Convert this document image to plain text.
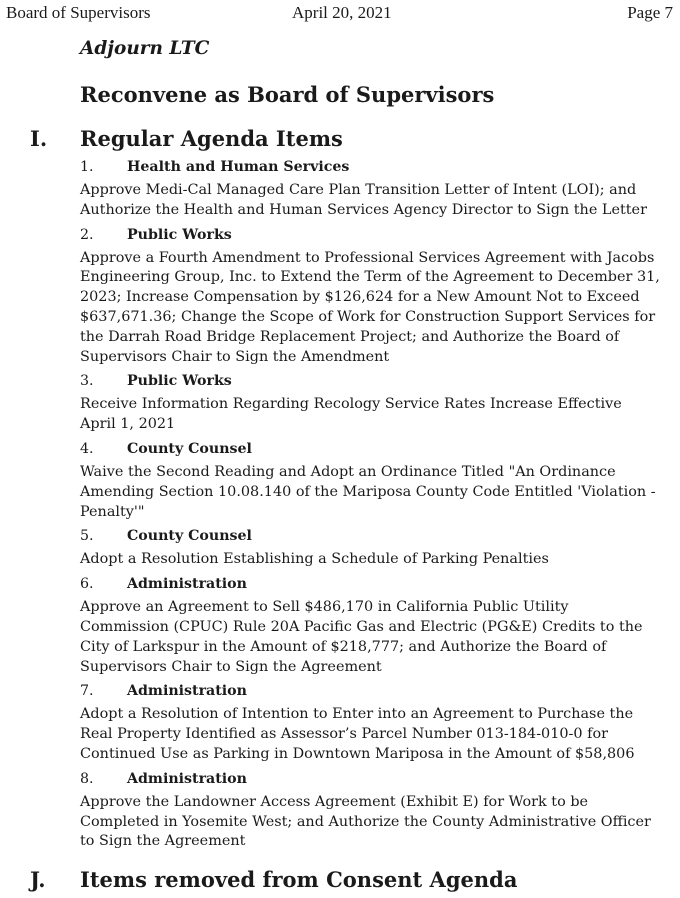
Board of Supervisors	April 20, 2021	Page 7
Adjourn LTC
Reconvene as Board of Supervisors
I. Regular Agenda Items
1. Health and Human Services
Approve Medi-Cal Managed Care Plan Transition Letter of Intent (LOI); and Authorize the Health and Human Services Agency Director to Sign the Letter
2. Public Works
Approve a Fourth Amendment to Professional Services Agreement with Jacobs Engineering Group, Inc. to Extend the Term of the Agreement to December 31, 2023; Increase Compensation by $126,624 for a New Amount Not to Exceed $637,671.36; Change the Scope of Work for Construction Support Services for the Darrah Road Bridge Replacement Project; and Authorize the Board of Supervisors Chair to Sign the Amendment
3. Public Works
Receive Information Regarding Recology Service Rates Increase Effective April 1, 2021
4. County Counsel
Waive the Second Reading and Adopt an Ordinance Titled "An Ordinance Amending Section 10.08.140 of the Mariposa County Code Entitled 'Violation - Penalty'"
5. County Counsel
Adopt a Resolution Establishing a Schedule of Parking Penalties
6. Administration
Approve an Agreement to Sell $486,170 in California Public Utility Commission (CPUC) Rule 20A Pacific Gas and Electric (PG&E) Credits to the City of Larkspur in the Amount of $218,777; and Authorize the Board of Supervisors Chair to Sign the Agreement
7. Administration
Adopt a Resolution of Intention to Enter into an Agreement to Purchase the Real Property Identified as Assessor’s Parcel Number 013-184-010-0 for Continued Use as Parking in Downtown Mariposa in the Amount of $58,806
8. Administration
Approve the Landowner Access Agreement (Exhibit E) for Work to be Completed in Yosemite West; and Authorize the County Administrative Officer to Sign the Agreement
J. Items removed from Consent Agenda
